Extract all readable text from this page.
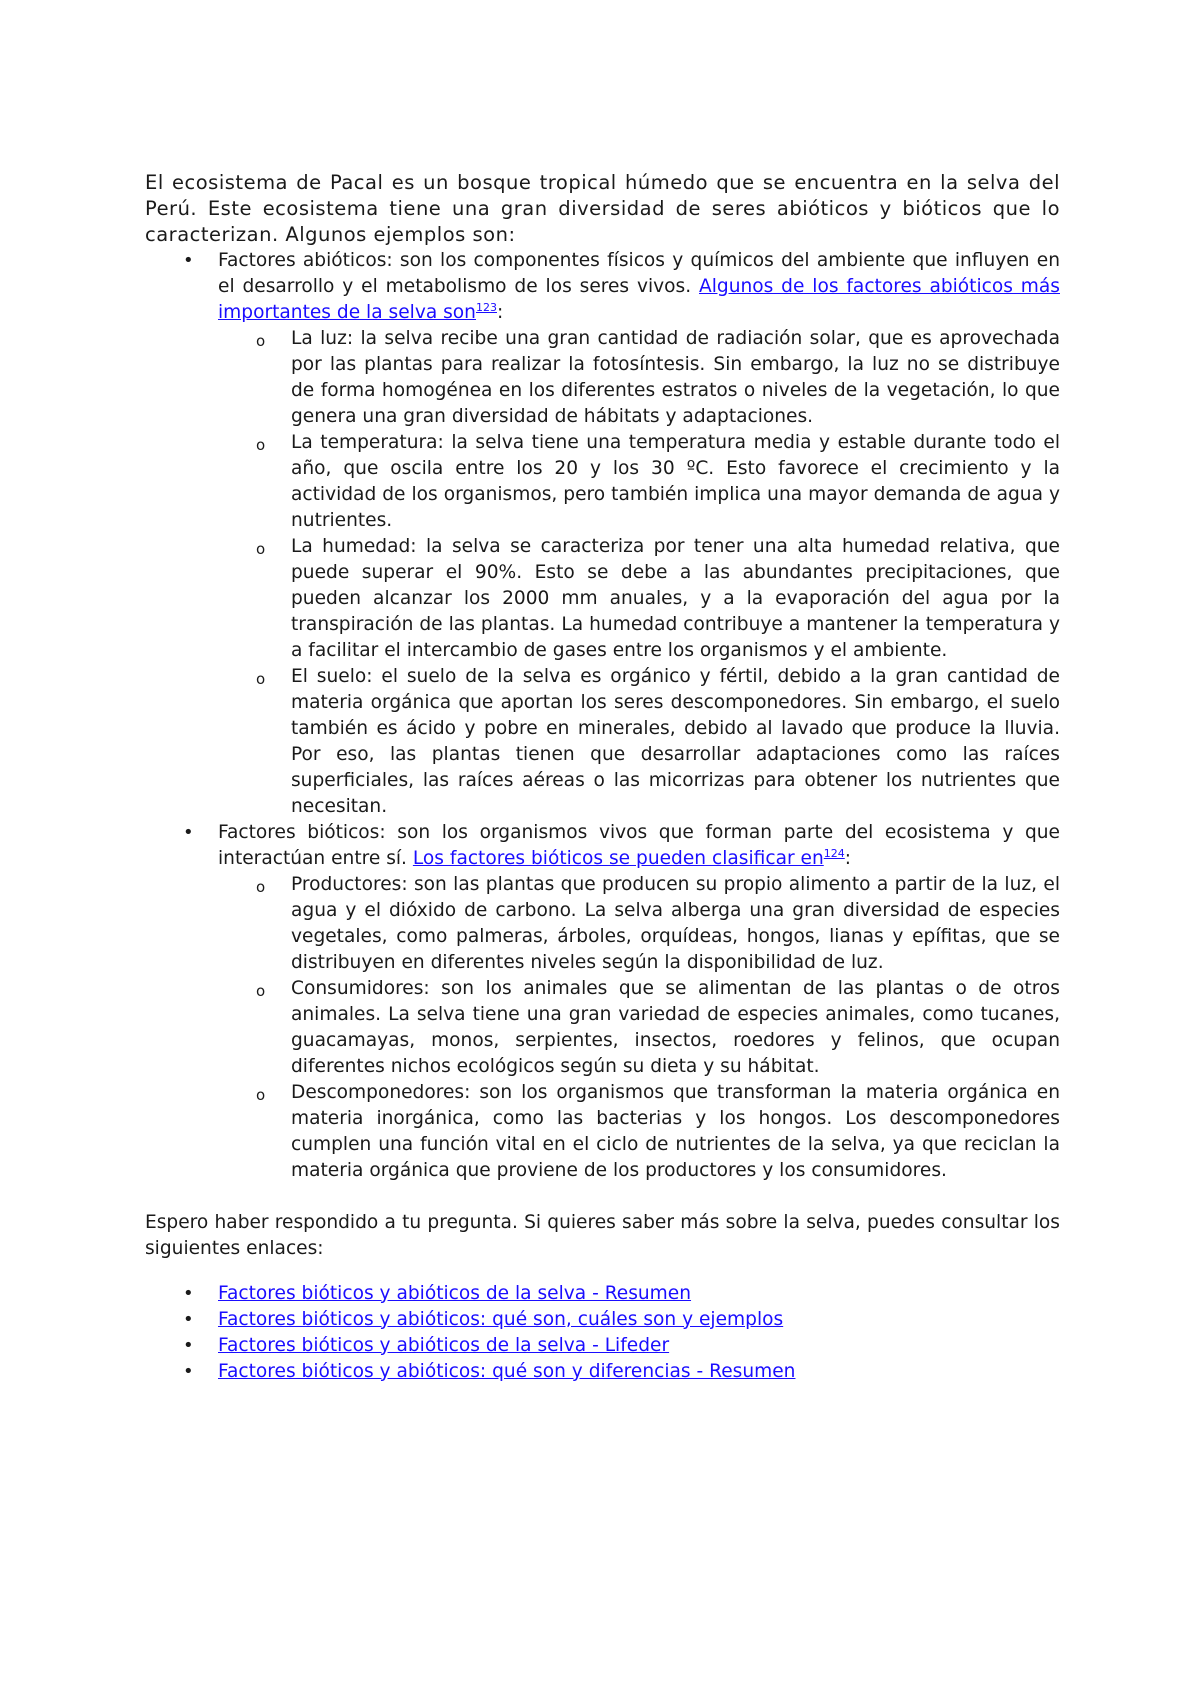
El ecosistema de Pacal es un bosque tropical húmedo que se encuentra en la selva del Perú. Este ecosistema tiene una gran diversidad de seres abióticos y bióticos que lo caracterizan. Algunos ejemplos son:

•	Factores abióticos: son los componentes físicos y químicos del ambiente que influyen en el desarrollo y el metabolismo de los seres vivos. Algunos de los factores abióticos más importantes de la selva son$^{123}$:
o La luz: la selva recibe una gran cantidad de radiación solar, que es aprovechada por las plantas para realizar la fotosíntesis. Sin embargo, la luz no se distribuye de forma homogénea en los diferentes estratos o niveles de la vegetación, lo que genera una gran diversidad de hábitats y adaptaciones.
o La temperatura: la selva tiene una temperatura media y estable durante todo el año, que oscila entre los 20 y los 30 ºC. Esto favorece el crecimiento y la actividad de los organismos, pero también implica una mayor demanda de agua y nutrientes.
o La humedad: la selva se caracteriza por tener una alta humedad relativa, que puede superar el 90%. Esto se debe a las abundantes precipitaciones, que pueden alcanzar los 2000 mm anuales, y a la evaporación del agua por la transpiración de las plantas. La humedad contribuye a mantener la temperatura y a facilitar el intercambio de gases entre los organismos y el ambiente.
o El suelo: el suelo de la selva es orgánico y fértil, debido a la gran cantidad de materia orgánica que aportan los seres descomponedores. Sin embargo, el suelo también es ácido y pobre en minerales, debido al lavado que produce la lluvia. Por eso, las plantas tienen que desarrollar adaptaciones como las raíces superficiales, las raíces aéreas o las micorrizas para obtener los nutrientes que necesitan.
•	Factores bióticos: son los organismos vivos que forman parte del ecosistema y que interactúan entre sí. Los factores bióticos se pueden clasificar $en^{124}$:
o Productores: son las plantas que producen su propio alimento a partir de la luz, el agua y el dióxido de carbono. La selva alberga una gran diversidad de especies vegetales, como palmeras, árboles, orquídeas, hongos, lianas y epífitas, que se distribuyen en diferentes niveles según la disponibilidad de luz.
o Consumidores: son los animales que se alimentan de las plantas o de otros animales. La selva tiene una gran variedad de especies animales, como tucanes, guacamayas, monos, serpientes, insectos, roedores y felinos, que ocupan diferentes nichos ecológicos según su dieta y su hábitat.
o Descomponedores: son los organismos que transforman la materia orgánica en materia inorgánica, como las bacterias y los hongos. Los descomponedores cumplen una función vital en el ciclo de nutrientes de la selva, ya que reciclan la materia orgánica que proviene de los productores y los consumidores.

Espero haber respondido a tu pregunta. Si quieres saber más sobre la selva, puedes consultar los siguientes enlaces:

•	Factores bióticos y abióticos de la selva - Resumen
•	Factores bióticos y abióticos: qué son, cuáles son y ejemplos
•	Factores bióticos y abióticos de la selva - Lifeder
•	Factores bióticos y abióticos: qué son y diferencias - Resumen
